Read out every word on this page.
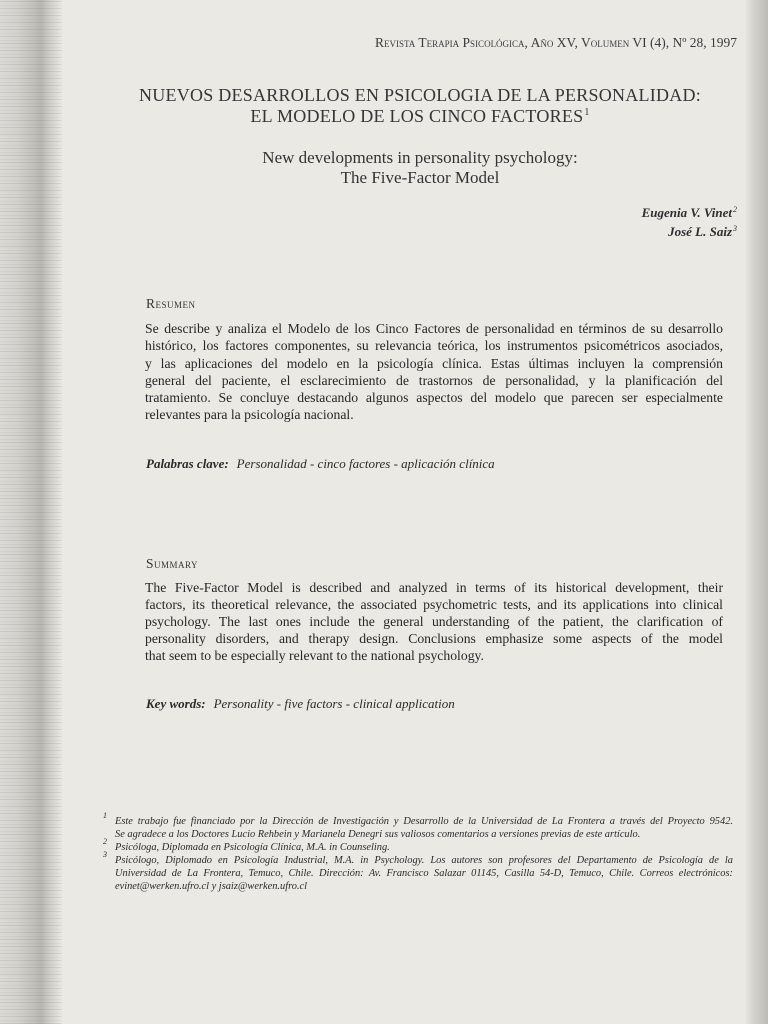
Revista Terapia Psicológica, Año XV, Volumen VI (4), Nº 28, 1997
NUEVOS DESARROLLOS EN PSICOLOGIA DE LA PERSONALIDAD:
EL MODELO DE LOS CINCO FACTORES$^1$
New developments in personality psychology:
The Five-Factor Model
Eugenia V. Vinet$^2$
José L. Saiz$^3$
Resumen
Se describe y analiza el Modelo de los Cinco Factores de personalidad en términos de su desarrollo
histórico, los factores componentes, su relevancia teórica, los instrumentos psicométricos asociados,
y las aplicaciones del modelo en la psicología clínica. Estas últimas incluyen la comprensión
general del paciente, el esclarecimiento de trastornos de personalidad, y la planificación del
tratamiento. Se concluye destacando algunos aspectos del modelo que parecen ser especialmente
relevantes para la psicología nacional.
Palabras clave: Personalidad - cinco factores - aplicación clínica
Summary
The Five-Factor Model is described and analyzed in terms of its historical development, their
factors, its theoretical relevance, the associated psychometric tests, and its applications into clinical
psychology. The last ones include the general understanding of the patient, the clarification of
personality disorders, and therapy design. Conclusions emphasize some aspects of the model
that seem to be especially relevant to the national psychology.
Key words: Personality - five factors - clinical application
1
Este trabajo fue financiado por la Dirección de Investigación y Desarrollo de la Universidad de La Frontera a través del Proyecto 9542.
Se agradece a los Doctores Lucio Rehbein y Marianela Denegri sus valiosos comentarios a versiones previas de este artículo.
2
Psicóloga, Diplomada en Psicología Clínica, M.A. in Counseling.
3
Psicólogo, Diplomado en Psicología Industrial, M.A. in Psychology. Los autores son profesores del Departamento de Psicología de la
Universidad de La Frontera, Temuco, Chile. Dirección: Av. Francisco Salazar 01145, Casilla 54-D, Temuco, Chile. Correos electrónicos:
evinet@werken.ufro.cl y jsaiz@werken.ufro.cl
